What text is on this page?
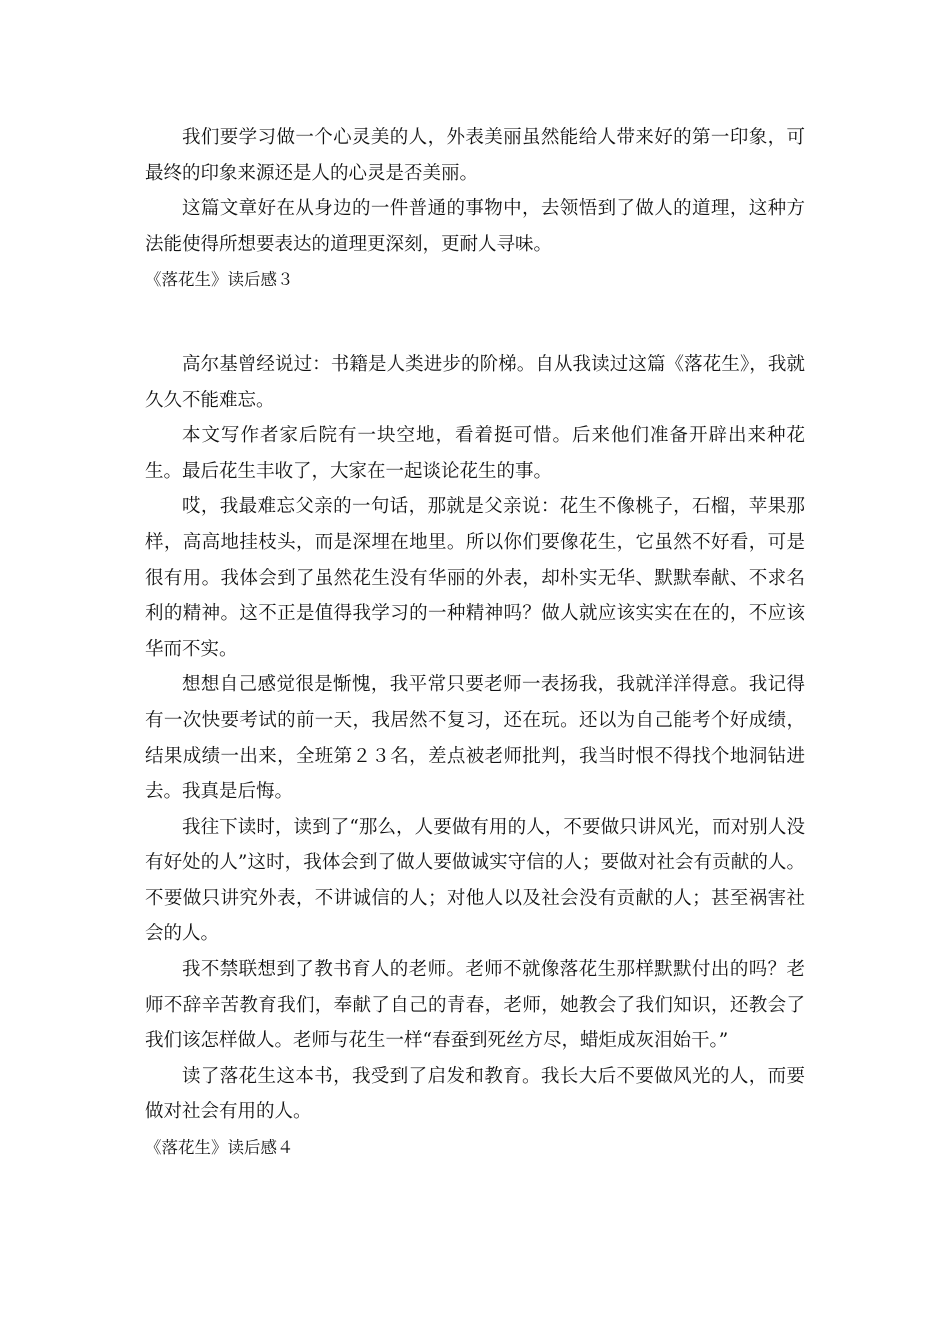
我们要学习做一个心灵美的人，外表美丽虽然能给人带来好的第一印象，可最终的印象来源还是人的心灵是否美丽。

这篇文章好在从身边的一件普通的事物中，去领悟到了做人的道理，这种方法能使得所想要表达的道理更深刻，更耐人寻味。

《落花生》读后感３

高尔基曾经说过：书籍是人类进步的阶梯。自从我读过这篇《落花生》，我就久久不能难忘。

本文写作者家后院有一块空地，看着挺可惜。后来他们准备开辟出来种花生。最后花生丰收了，大家在一起谈论花生的事。

哎，我最难忘父亲的一句话，那就是父亲说：花生不像桃子，石榴，苹果那样，高高地挂枝头，而是深埋在地里。所以你们要像花生，它虽然不好看，可是很有用。我体会到了虽然花生没有华丽的外表，却朴实无华、默默奉献、不求名利的精神。这不正是值得我学习的一种精神吗？做人就应该实实在在的，不应该华而不实。

想想自己感觉很是惭愧，我平常只要老师一表扬我，我就洋洋得意。我记得有一次快要考试的前一天，我居然不复习，还在玩。还以为自己能考个好成绩，结果成绩一出来，全班第２３名，差点被老师批判，我当时恨不得找个地洞钻进去。我真是后悔。

我往下读时，读到了“那么，人要做有用的人，不要做只讲风光，而对别人没有好处的人”这时，我体会到了做人要做诚实守信的人；要做对社会有贡献的人。不要做只讲究外表，不讲诚信的人；对他人以及社会没有贡献的人；甚至祸害社会的人。

我不禁联想到了教书育人的老师。老师不就像落花生那样默默付出的吗？老师不辞辛苦教育我们，奉献了自己的青春，老师，她教会了我们知识，还教会了我们该怎样做人。老师与花生一样“春蚕到死丝方尽，蜡炬成灰泪始干。”

读了落花生这本书，我受到了启发和教育。我长大后不要做风光的人，而要做对社会有用的人。

《落花生》读后感４
